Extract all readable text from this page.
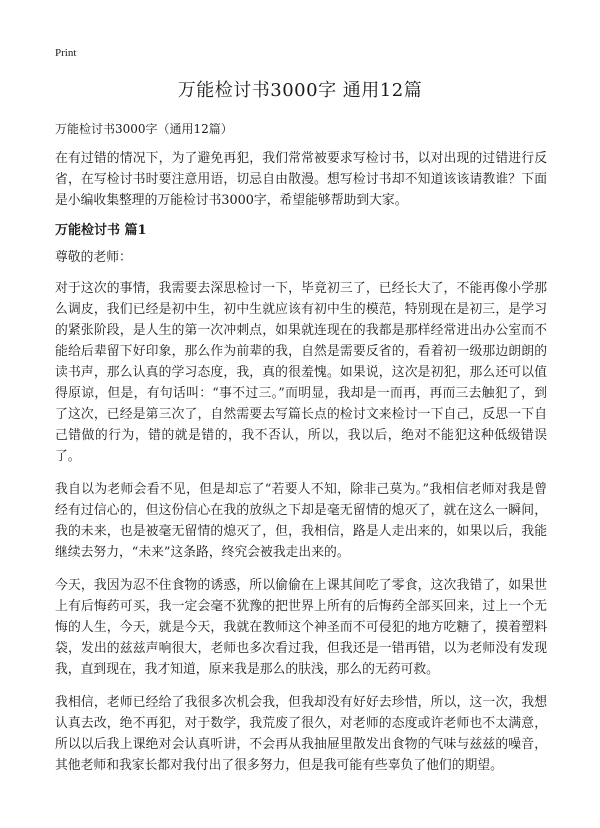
Print
万能检讨书3000字 通用12篇

万能检讨书3000字（通用12篇）

在有过错的情况下，为了避免再犯，我们常常被要求写检讨书，以对出现的过错进行反省，在写检讨书时要注意用语，切忌自由散漫。想写检讨书却不知道该该请教谁？下面是小编收集整理的万能检讨书3000字，希望能够帮助到大家。

万能检讨书 篇1
尊敬的老师：

对于这次的事情，我需要去深思检讨一下，毕竟初三了，已经长大了，不能再像小学那么调皮，我们已经是初中生，初中生就应该有初中生的模范，特别现在是初三，是学习的紧张阶段，是人生的第一次冲刺点，如果就连现在的我都是那样经常进出办公室而不能给后辈留下好印象，那么作为前辈的我，自然是需要反省的，看着初一级那边朗朗的读书声，那么认真的学习态度，我，真的很羞愧。如果说，这次是初犯，那么还可以值得原谅，但是，有句话叫：“事不过三。”而明显，我却是一而再，再而三去触犯了，到了这次，已经是第三次了，自然需要去写篇长点的检讨文来检讨一下自己，反思一下自己错做的行为，错的就是错的，我不否认，所以，我以后，绝对不能犯这种低级错误了。

我自以为老师会看不见，但是却忘了“若要人不知，除非己莫为。”我相信老师对我是曾经有过信心的，但这份信心在我的放纵之下却是毫无留情的熄灭了，就在这么一瞬间，我的未来，也是被毫无留情的熄灭了，但，我相信，路是人走出来的，如果以后，我能继续去努力，“未来”这条路，终究会被我走出来的。

今天，我因为忍不住食物的诱惑，所以偷偷在上课其间吃了零食，这次我错了，如果世上有后悔药可买，我一定会毫不犹豫的把世界上所有的后悔药全部买回来，过上一个无悔的人生，今天，就是今天，我就在教师这个神圣而不可侵犯的地方吃糖了，摸着塑料袋，发出的兹兹声响很大，老师也多次看过我，但我还是一错再错，以为老师没有发现我，直到现在，我才知道，原来我是那么的肤浅，那么的无药可救。

我相信，老师已经给了我很多次机会我，但我却没有好好去珍惜，所以，这一次，我想认真去改，绝不再犯，对于数学，我荒废了很久，对老师的态度或许老师也不太满意，所以以后我上课绝对会认真听讲，不会再从我抽屉里散发出食物的气味与兹兹的噪音，其他老师和我家长都对我付出了很多努力，但是我可能有些辜负了他们的期望。
